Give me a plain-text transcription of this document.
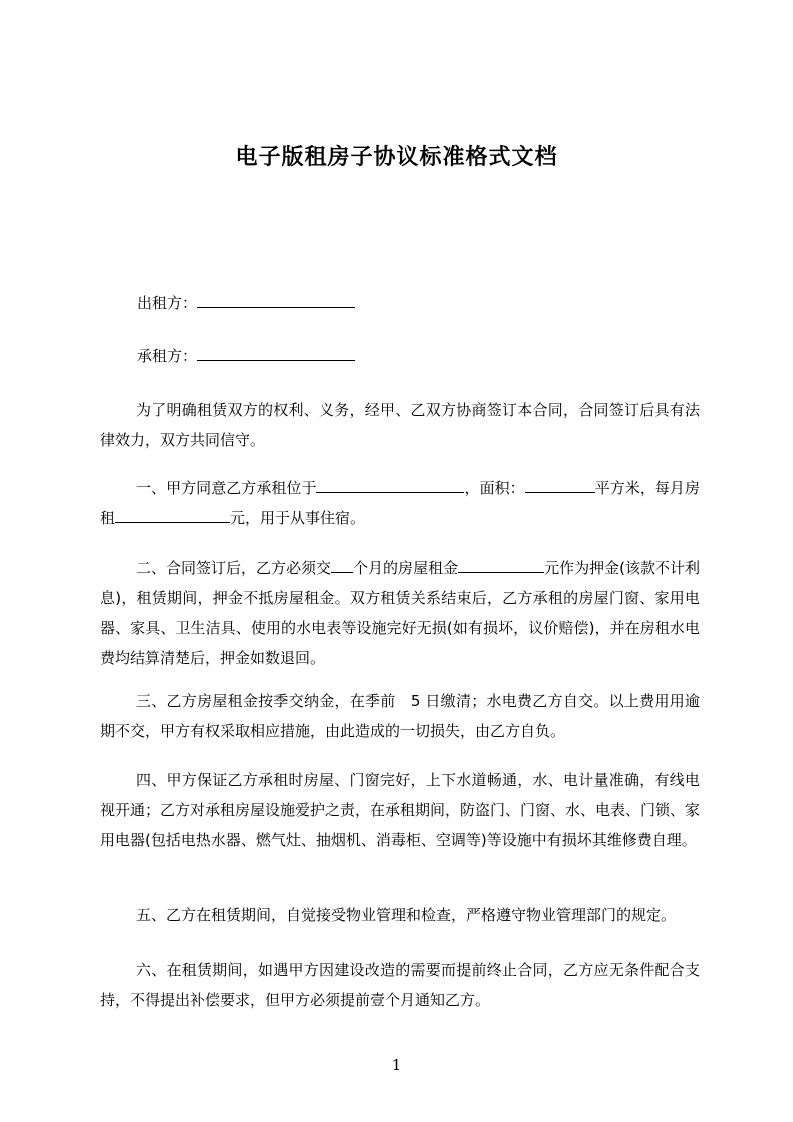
电子版租房子协议标准格式文档
出租方：
承租方：

为了明确租赁双方的权利、义务，经甲、乙双方协商签订本合同，合同签订后具有法律效力，双方共同信守。

一、甲方同意乙方承租位于	，面积：	平方米，每月房租	元，用于从事住宿。

二、合同签订后，乙方必须交 个月的房屋租金	元作为押金(该款不计利息)，租赁期间，押金不抵房屋租金。双方租赁关系结束后，乙方承租的房屋门窗、家用电器、家具、卫生洁具、使用的水电表等设施完好无损(如有损坏，议价赔偿)，并在房租水电费均结算清楚后，押金如数退回。

三、乙方房屋租金按季交纳金，在季前　5 日缴清；水电费乙方自交。以上费用用逾期不交，甲方有权采取相应措施，由此造成的一切损失，由乙方自负。

四、甲方保证乙方承租时房屋、门窗完好，上下水道畅通，水、电计量准确，有线电视开通；乙方对承租房屋设施爱护之责，在承租期间，防盗门、门窗、水、电表、门锁、家用电器(包括电热水器、燃气灶、抽烟机、消毒柜、空调等)等设施中有损坏其维修费自理。

五、乙方在租赁期间，自觉接受物业管理和检查，严格遵守物业管理部门的规定。

六、在租赁期间，如遇甲方因建设改造的需要而提前终止合同，乙方应无条件配合支持，不得提出补偿要求，但甲方必须提前壹个月通知乙方。

1
